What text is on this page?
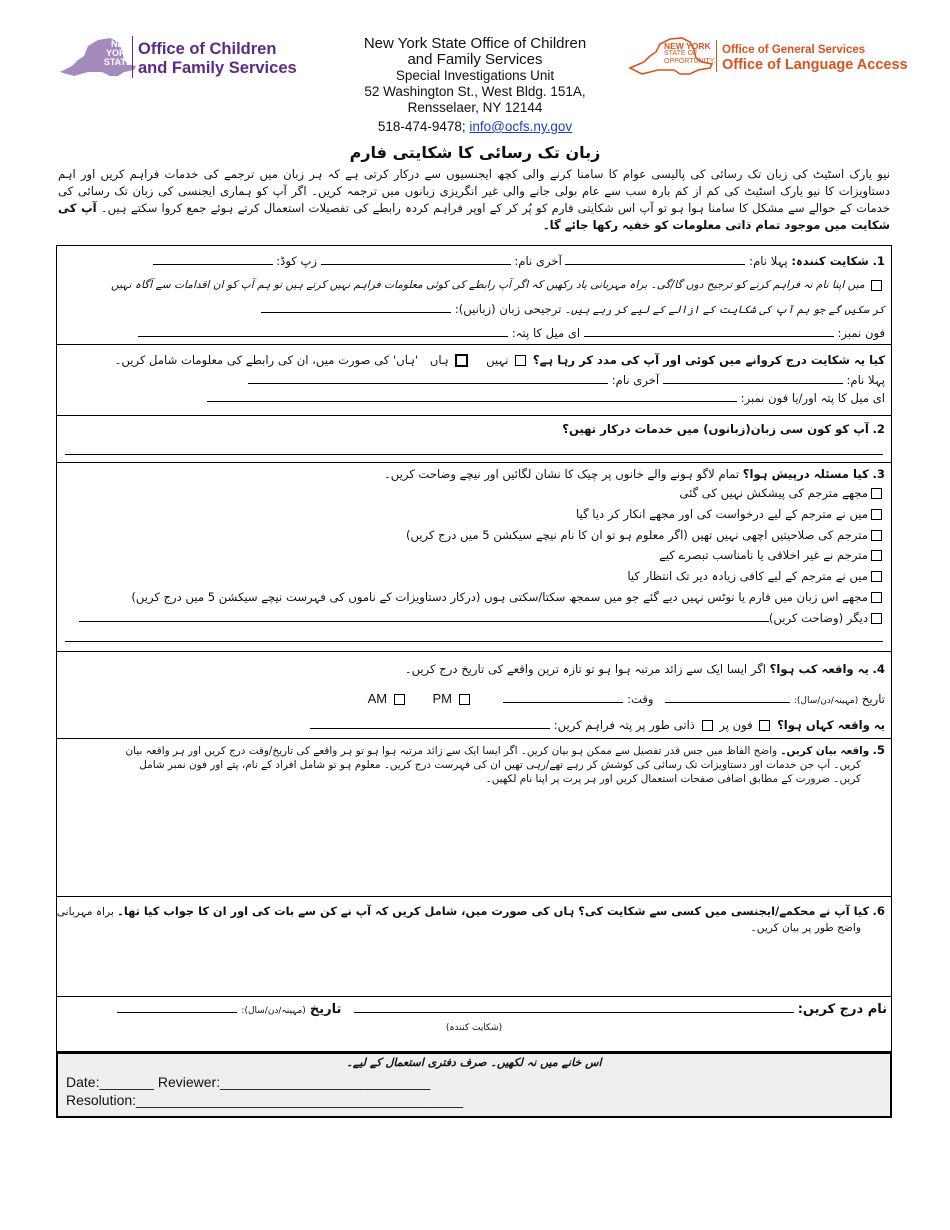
NEW
YORK
STATE
Office of Children
and Family Services
New York State Office of Children
and Family Services
Special Investigations Unit
52 Washington St., West Bldg. 151A,
Rensselaer, NY 12144
518-474-9478; info@ocfs.ny.gov
NEW YORK
STATE OF
OPPORTUNITY.
Office of General Services
Office of Language Access
زبان تک رسائی کا شکایتی فارم
نیو یارک اسٹیٹ کی زبان تک رسائی کی پالیسی عوام کا سامنا کرنے والی کچھ ایجنسیوں سے درکار کرتی ہے کہ ہر زبان میں ترجمے کی خدمات فراہم کریں اور اہم دستاویزات کا نیو یارک اسٹیٹ کی کم از کم بارہ سب سے عام بولی جانے والی غیر انگریزی زبانوں میں ترجمہ کریں۔ اگر آپ کو ہماری ایجنسی کی زبان تک رسائی کی خدمات کے حوالے سے مشکل کا سامنا ہوا ہو تو آپ اس شکایتی فارم کو پُر کر کے اوپر فراہم کردہ رابطے کی تفصیلات استعمال کرتے ہوئے جمع کروا سکتے ہیں۔ آپ کی شکایت میں موجود تمام ذاتی معلومات کو خفیہ رکھا جائے گا۔
1. شکایت کنندہ: پہلا نام:  آخری نام:  زپ کوڈ:
میں اپنا نام نہ فراہم کرنے کو ترجیح دوں گا/گی۔ براہ مہربانی یاد رکھیں کہ اگر آپ رابطے کی کوئی معلومات فراہم نہیں کرتے ہیں تو ہم آپ کو ان اقدامات سے آگاہ نہیں
کر سکیں گے جو ہم آپ کی شکایت کے ازالے کے لیے کر رہے ہیں۔ ترجیحی زبان (زبانیں):
فون نمبر:  ای میل کا پتہ:
کیا یہ شکایت درج کروانے میں کوئی اور آپ کی مدد کر رہا ہے؟  نہیں  ہاں 'ہاں' کی صورت میں، ان کی رابطے کی معلومات شامل کریں۔
پہلا نام:  آخری نام:
ای میل کا پتہ اور/یا فون نمبر:
2. آپ کو کون سی زبان(زبانوں) میں خدمات درکار تھیں؟
3. کیا مسئلہ درپیش ہوا؟ تمام لاگو ہونے والے خانوں پر چیک کا نشان لگائیں اور نیچے وضاحت کریں۔
مجھے مترجم کی پیشکش نہیں کی گئی
میں نے مترجم کے لیے درخواست کی اور مجھے انکار کر دیا گیا
مترجم کی صلاحیتیں اچھی نہیں تھیں (اگر معلوم ہو تو ان کا نام نیچے سیکشن 5 میں درج کریں)
مترجم نے غیر اخلاقی یا نامناسب تبصرے کیے
میں نے مترجم کے لیے کافی زیادہ دیر تک انتظار کیا
مجھے اس زبان میں فارم یا نوٹس نہیں دیے گئے جو میں سمجھ سکتا/سکتی ہوں (درکار دستاویزات کے ناموں کی فہرست نیچے سیکشن 5 میں درج کریں)
دیگر (وضاحت کریں)
4. یہ واقعہ کب ہوا؟ اگر ایسا ایک سے زائد مرتبہ ہوا ہو تو تازہ ترین واقعے کی تاریخ درج کریں۔
تاریخ (مہینہ/دن/سال):  وقت:   AM	PM
یہ واقعہ کہاں ہوا؟  فون پر  ذاتی طور پر پتہ فراہم کریں:
5. واقعہ بیان کریں۔ واضح الفاظ میں جس قدر تفصیل سے ممکن ہو بیان کریں۔ اگر ایسا ایک سے زائد مرتبہ ہوا ہو تو ہر واقعے کی تاریخ/وقت درج کریں اور ہر واقعہ بیان
کریں۔ آپ جن خدمات اور دستاویزات تک رسائی کی کوشش کر رہے تھے/رہی تھیں ان کی فہرست درج کریں۔ معلوم ہو تو شامل افراد کے نام، پتے اور فون نمبر شامل
کریں۔ ضرورت کے مطابق اضافی صفحات استعمال کریں اور ہر پرت پر اپنا نام لکھیں۔
6. کیا آپ نے محکمے/ایجنسی میں کسی سے شکایت کی؟ ہاں کی صورت میں، شامل کریں کہ آپ نے کن سے بات کی اور ان کا جواب کیا تھا۔ براہ مہربانی
واضح طور پر بیان کریں۔
نام درج کریں:  تاریخ (مہینہ/دن/سال):
(شکایت کنندہ)
اس خانے میں نہ لکھیں۔ صرف دفتری استعمال کے لیے۔
Date:_______ Reviewer:___________________________
Resolution:__________________________________________
